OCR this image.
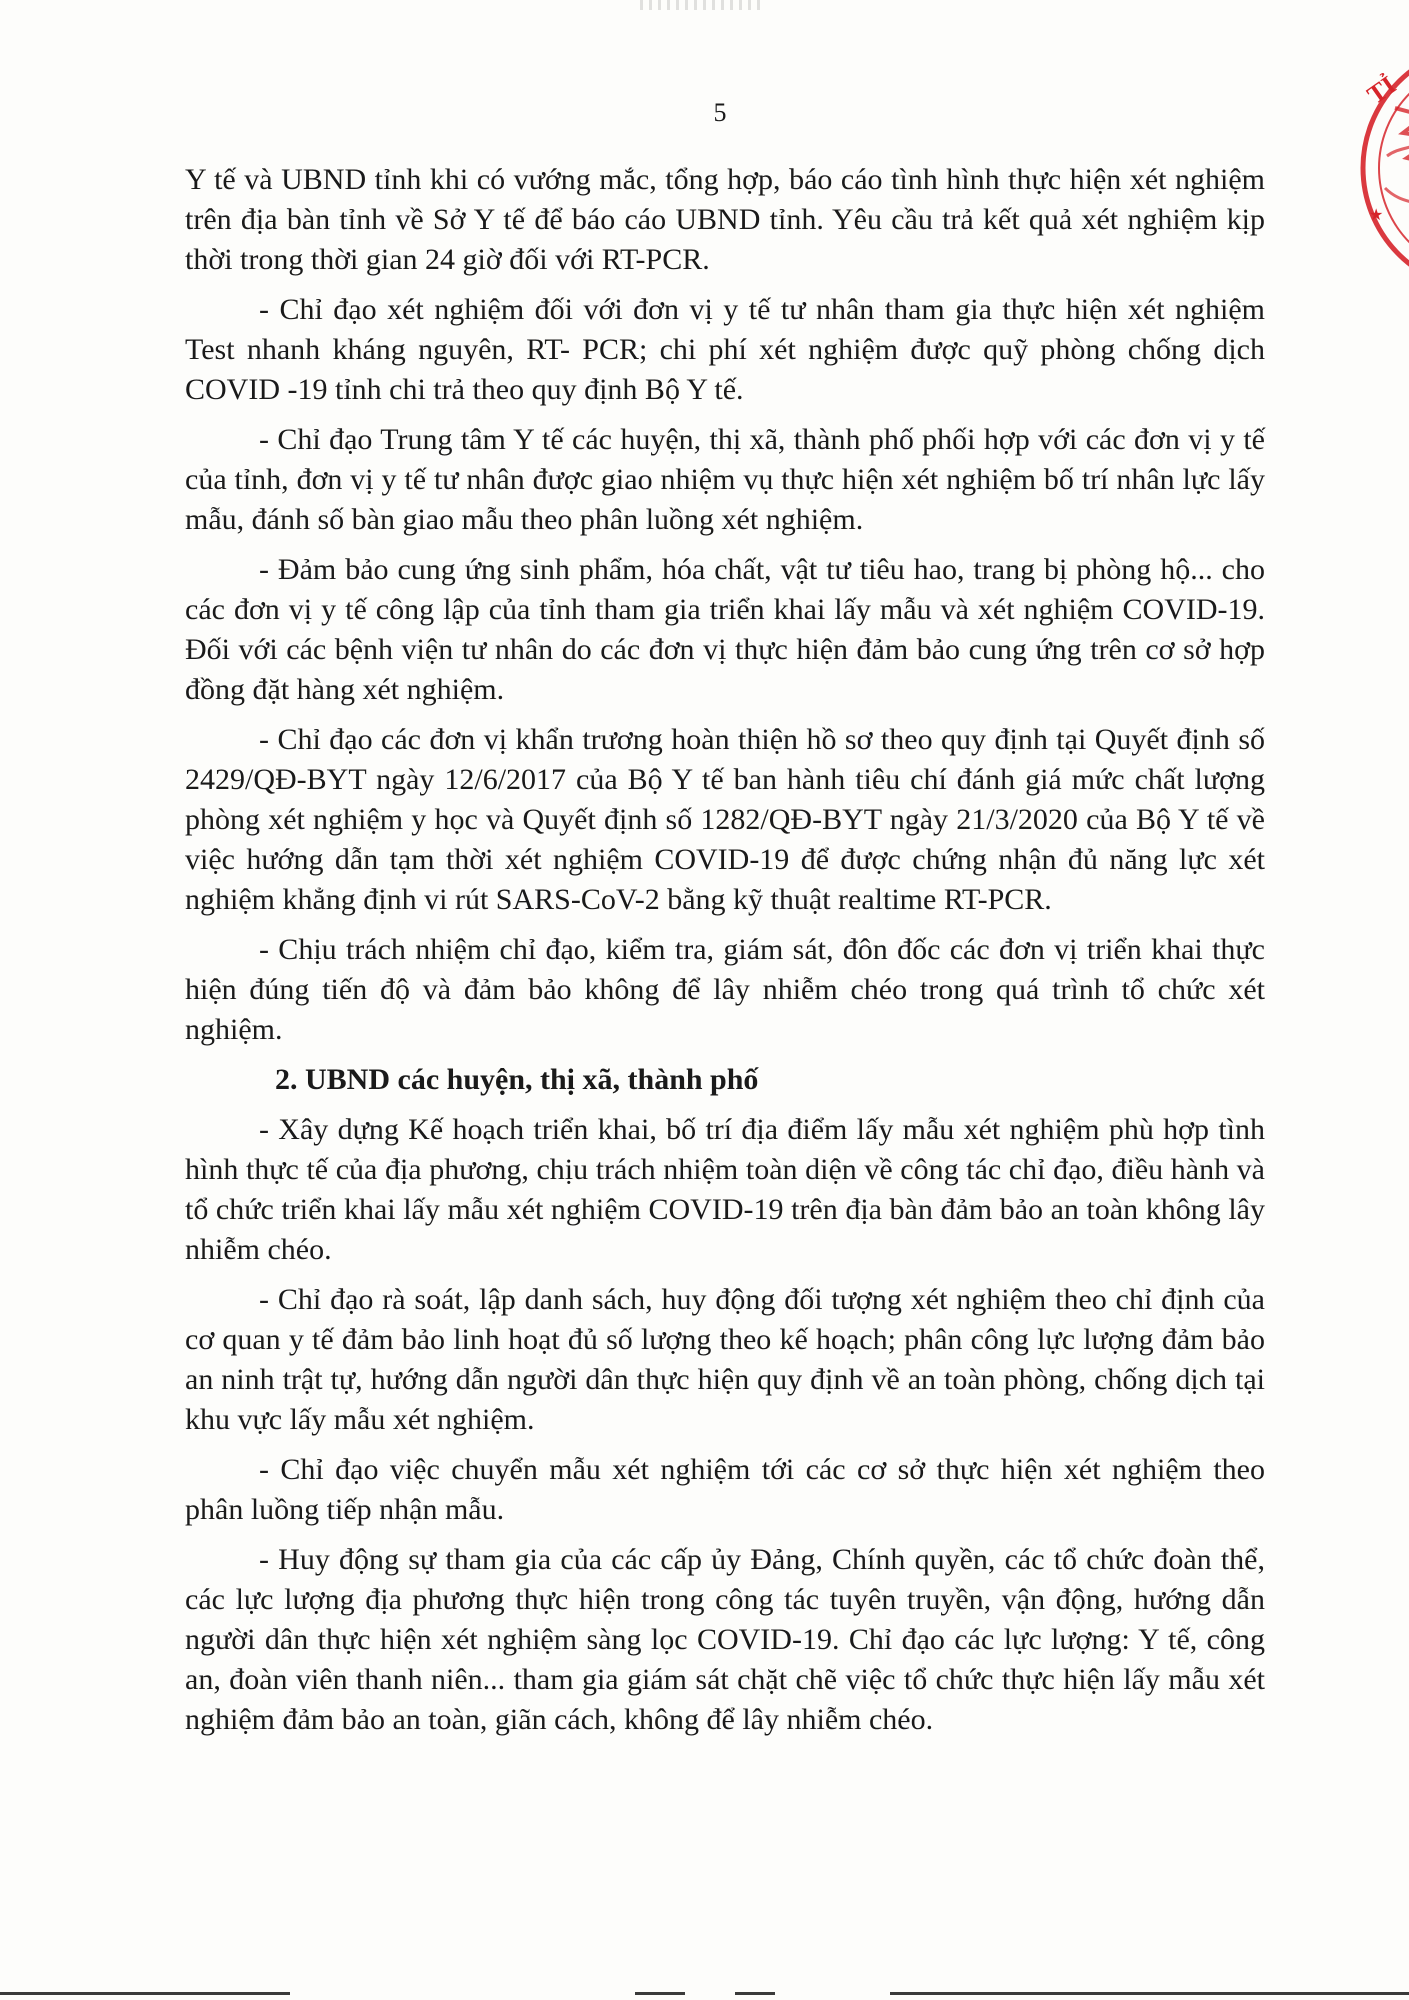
TỈ
★
5

Y tế và UBND tỉnh khi có vướng mắc, tổng hợp, báo cáo tình hình thực hiện xét nghiệm trên địa bàn tỉnh về Sở Y tế để báo cáo UBND tỉnh. Yêu cầu trả kết quả xét nghiệm kịp thời trong thời gian 24 giờ đối với RT-PCR.

- Chỉ đạo xét nghiệm đối với đơn vị y tế tư nhân tham gia thực hiện xét nghiệm Test nhanh kháng nguyên, RT- PCR; chi phí xét nghiệm được quỹ phòng chống dịch COVID -19 tỉnh chi trả theo quy định Bộ Y tế.

- Chỉ đạo Trung tâm Y tế các huyện, thị xã, thành phố phối hợp với các đơn vị y tế của tỉnh, đơn vị y tế tư nhân được giao nhiệm vụ thực hiện xét nghiệm bố trí nhân lực lấy mẫu, đánh số bàn giao mẫu theo phân luồng xét nghiệm.

- Đảm bảo cung ứng sinh phẩm, hóa chất, vật tư tiêu hao, trang bị phòng hộ... cho các đơn vị y tế công lập của tỉnh tham gia triển khai lấy mẫu và xét nghiệm COVID-19. Đối với các bệnh viện tư nhân do các đơn vị thực hiện đảm bảo cung ứng trên cơ sở hợp đồng đặt hàng xét nghiệm.

- Chỉ đạo các đơn vị khẩn trương hoàn thiện hồ sơ theo quy định tại Quyết định số 2429/QĐ-BYT ngày 12/6/2017 của Bộ Y tế ban hành tiêu chí đánh giá mức chất lượng phòng xét nghiệm y học và Quyết định số 1282/QĐ-BYT ngày 21/3/2020 của Bộ Y tế về việc hướng dẫn tạm thời xét nghiệm COVID-19 để được chứng nhận đủ năng lực xét nghiệm khẳng định vi rút SARS-CoV-2 bằng kỹ thuật realtime RT-PCR.

- Chịu trách nhiệm chỉ đạo, kiểm tra, giám sát, đôn đốc các đơn vị triển khai thực hiện đúng tiến độ và đảm bảo không để lây nhiễm chéo trong quá trình tổ chức xét nghiệm.

2. UBND các huyện, thị xã, thành phố

- Xây dựng Kế hoạch triển khai, bố trí địa điểm lấy mẫu xét nghiệm phù hợp tình hình thực tế của địa phương, chịu trách nhiệm toàn diện về công tác chỉ đạo, điều hành và tổ chức triển khai lấy mẫu xét nghiệm COVID-19 trên địa bàn đảm bảo an toàn không lây nhiễm chéo.

- Chỉ đạo rà soát, lập danh sách, huy động đối tượng xét nghiệm theo chỉ định của cơ quan y tế đảm bảo linh hoạt đủ số lượng theo kế hoạch; phân công lực lượng đảm bảo an ninh trật tự, hướng dẫn người dân thực hiện quy định về an toàn phòng, chống dịch tại khu vực lấy mẫu xét nghiệm.

- Chỉ đạo việc chuyển mẫu xét nghiệm tới các cơ sở thực hiện xét nghiệm theo phân luồng tiếp nhận mẫu.

- Huy động sự tham gia của các cấp ủy Đảng, Chính quyền, các tổ chức đoàn thể, các lực lượng địa phương thực hiện trong công tác tuyên truyền, vận động, hướng dẫn người dân thực hiện xét nghiệm sàng lọc COVID-19. Chỉ đạo các lực lượng: Y tế, công an, đoàn viên thanh niên... tham gia giám sát chặt chẽ việc tổ chức thực hiện lấy mẫu xét nghiệm đảm bảo an toàn, giãn cách, không để lây nhiễm chéo.
